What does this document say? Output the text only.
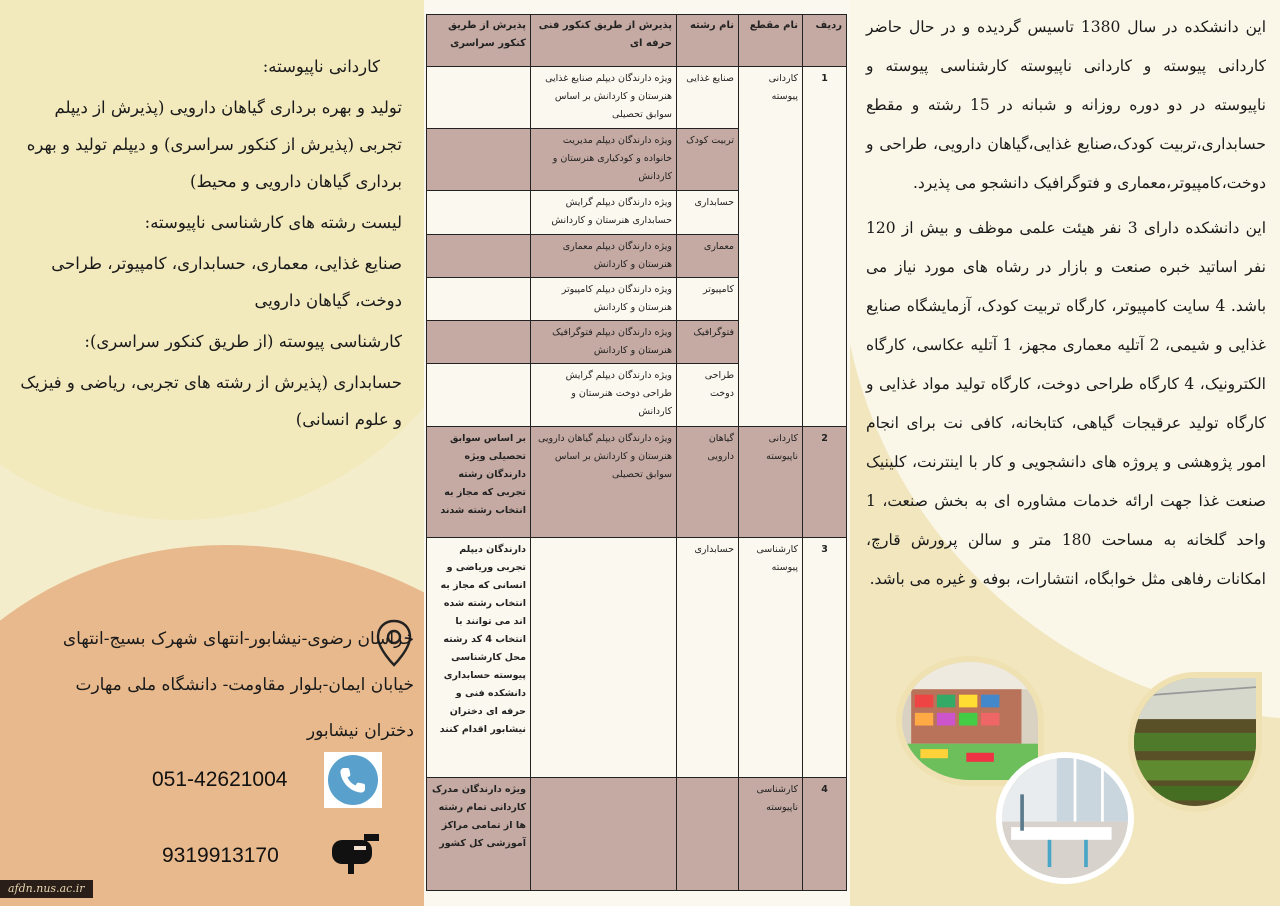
کاردانی ناپیوسته:

تولید و بهره برداری گیاهان دارویی (پذیرش از دیپلم تجربی (پذیرش از کنکور سراسری) و دیپلم تولید و بهره برداری گیاهان دارویی و محیط)

لیست رشته های کارشناسی ناپیوسته:

صنایع غذایی، معماری، حسابداری، کامپیوتر، طراحی دوخت، گیاهان دارویی

کارشناسی پیوسته (از طریق کنکور سراسری):

حسابداری (پذیرش از رشته های تجربی، ریاضی و فیزیک و علوم انسانی)

خراسان رضوی-نیشابور-انتهای شهرک بسیج-انتهای خیابان ایمان-بلوار مقاومت- دانشگاه ملی مهارت دختران نیشابور
051-42621004
9319913170
afdn.nus.ac.ir
ردیف	نام مقطع	نام رشته	پذیرش از طریق کنکور فنی حرفه ای	پذیرش از طریق کنکور سراسری
1	کاردانی پیوسته	صنایع غذایی	ویژه دارندگان دیپلم صنایع غذایی هنرستان و کاردانش بر اساس سوابق تحصیلی	
		تربیت کودک	ویژه دارندگان دیپلم مدیریت خانواده و کودکیاری هنرستان و کاردانش	
		حسابداری	ویژه دارندگان دیپلم گرایش حسابداری هنرستان و کاردانش	
		معماری	ویژه دارندگان دیپلم معماری هنرستان و کاردانش	
		کامپیوتر	ویژه دارندگان دیپلم کامپیوتر هنرستان و کاردانش	
		فتوگرافیک	ویژه دارندگان دیپلم فتوگرافیک هنرستان و کاردانش	
		طراحی دوخت	ویژه دارندگان دیپلم گرایش طراحی دوخت هنرستان و کاردانش	
2	کاردانی ناپیوسته	گیاهان دارویی	ویژه دارندگان دیپلم گیاهان دارویی هنرستان و کاردانش بر اساس سوابق تحصیلی	بر اساس سوابق تحصیلی ویژه دارندگان رشته تجربی که مجاز به انتخاب رشته شدند
3	کارشناسی پیوسته	حسابداری		دارندگان دیپلم تجربی وریاضی و انسانی که مجاز به انتخاب رشته شده اند می توانند با انتخاب 4 کد رشته محل کارشناسی پیوسته حسابداری دانشکده فنی و حرفه ای دختران نیشابور اقدام کنند
4	کارشناسی ناپیوسته			ویژه دارندگان مدرک کاردانی تمام رشته ها از تمامی مراکز آموزشی کل کشور

این دانشکده در سال 1380 تاسیس گردیده و در حال حاضر کاردانی پیوسته و کاردانی ناپیوسته کارشناسی پیوسته و ناپیوسته در دو دوره روزانه و شبانه در 15 رشته و مقطع حسابداری،تربیت کودک،صنایع غذایی،گیاهان دارویی، طراحی و دوخت،کامپیوتر،معماری و فتوگرافیک دانشجو می پذیرد.

این دانشکده دارای 3 نفر هیئت علمی موظف و بیش از 120 نفر اساتید خبره صنعت و بازار در رشاه های مورد نیاز می باشد. 4 سایت کامپیوتر، کارگاه تربیت کودک، آزمایشگاه صنایع غذایی و شیمی، 2 آتلیه معماری مجهز، 1 آتلیه عکاسی، کارگاه الکترونیک، 4 کارگاه طراحی دوخت، کارگاه تولید مواد غذایی و کارگاه تولید عرقیجات گیاهی، کتابخانه، کافی نت برای انجام امور پژوهشی و پروژه های دانشجویی و کار با اینترنت، کلینیک صنعت غذا جهت ارائه خدمات مشاوره ای به بخش صنعت، 1 واحد گلخانه به مساحت 180 متر و سالن پرورش قارچ، امکانات رفاهی مثل خوابگاه، انتشارات، بوفه و غیره می باشد.
